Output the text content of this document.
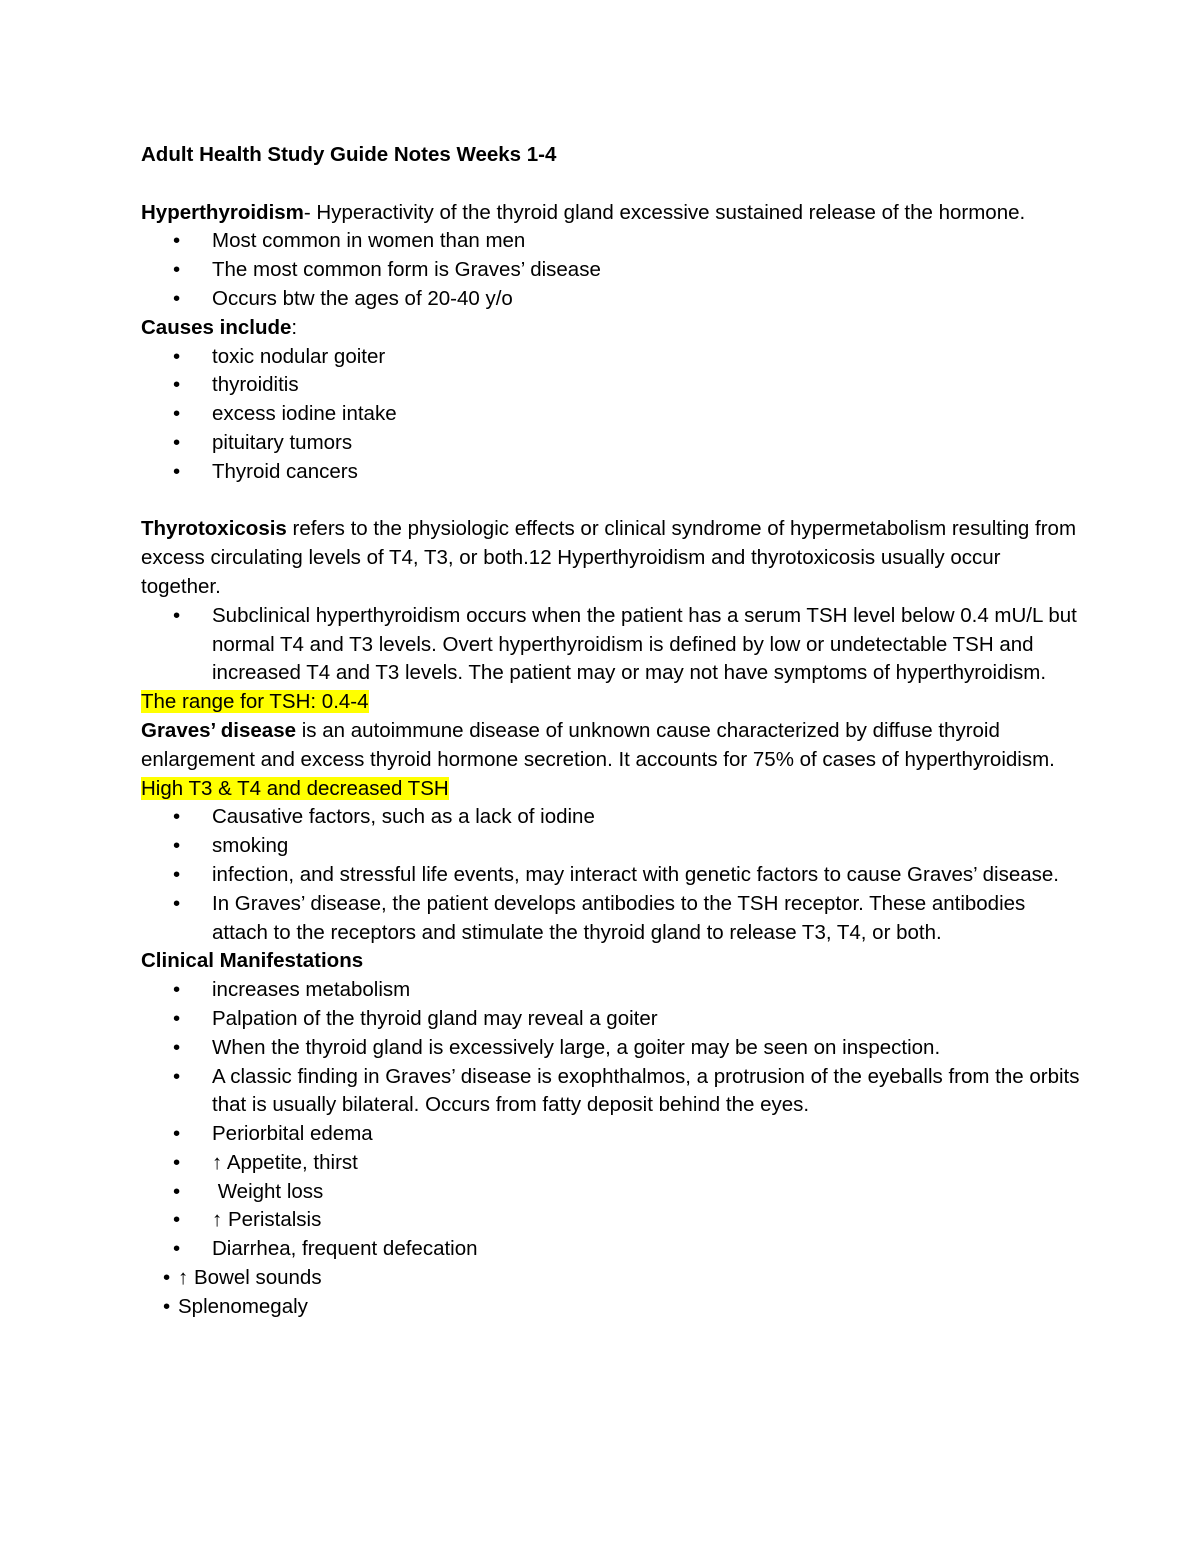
Adult Health Study Guide Notes Weeks 1-4

Hyperthyroidism- Hyperactivity of the thyroid gland excessive sustained release of the hormone.

• Most common in women than men
• The most common form is Graves’ disease
• Occurs btw the ages of 20-40 y/o

Causes include:

• toxic nodular goiter
• thyroiditis
• excess iodine intake
• pituitary tumors
• Thyroid cancers

Thyrotoxicosis refers to the physiologic effects or clinical syndrome of hypermetabolism resulting from excess circulating levels of T4, T3, or both.12 Hyperthyroidism and thyrotoxicosis usually occur together.

• Subclinical hyperthyroidism occurs when the patient has a serum TSH level below 0.4 mU/L but normal T4 and T3 levels. Overt hyperthyroidism is defined by low or undetectable TSH and increased T4 and T3 levels. The patient may or may not have symptoms of hyperthyroidism.

The range for TSH: 0.4-4

Graves’ disease is an autoimmune disease of unknown cause characterized by diffuse thyroid enlargement and excess thyroid hormone secretion. It accounts for 75% of cases of hyperthyroidism. High T3 & T4 and decreased TSH

• Causative factors, such as a lack of iodine
• smoking
• infection, and stressful life events, may interact with genetic factors to cause Graves’ disease.
• In Graves’ disease, the patient develops antibodies to the TSH receptor. These antibodies attach to the receptors and stimulate the thyroid gland to release T3, T4, or both.

Clinical Manifestations

• increases metabolism
• Palpation of the thyroid gland may reveal a goiter
• When the thyroid gland is excessively large, a goiter may be seen on inspection.
• A classic finding in Graves’ disease is exophthalmos, a protrusion of the eyeballs from the orbits that is usually bilateral. Occurs from fatty deposit behind the eyes.
• Periorbital edema
• ↑ Appetite, thirst
• Weight loss
• ↑ Peristalsis
• Diarrhea, frequent defecation
• ↑ Bowel sounds
• Splenomegaly
